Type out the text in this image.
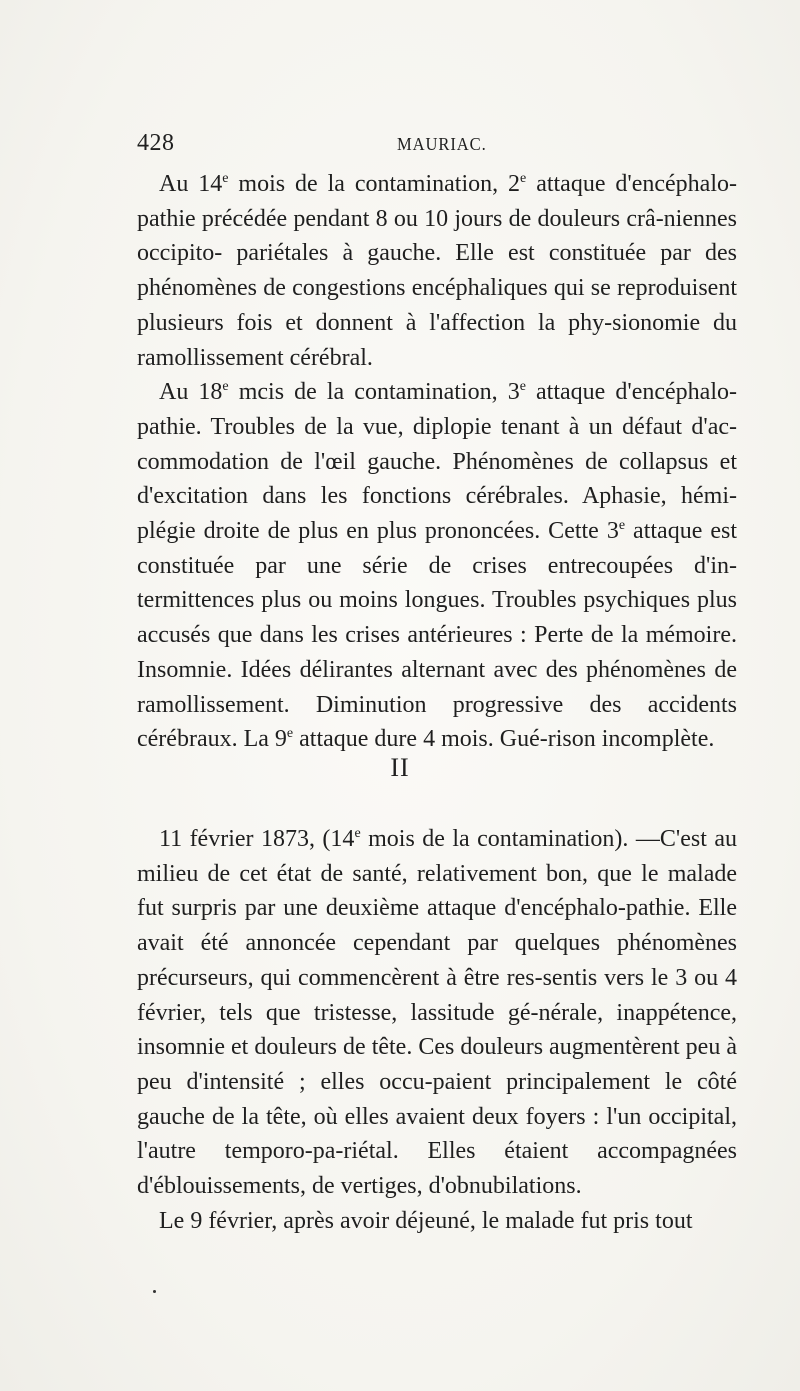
428	MAURIAC.

Au 14e mois de la contamination, 2e attaque d'encéphalo-pathie précédée pendant 8 ou 10 jours de douleurs crâ-niennes occipito- pariétales à gauche. Elle est constituée par des phénomènes de congestions encéphaliques qui se reproduisent plusieurs fois et donnent à l'affection la phy-sionomie du ramollissement cérébral.

Au 18e mcis de la contamination, 3e attaque d'encéphalo-pathie. Troubles de la vue, diplopie tenant à un défaut d'ac-commodation de l'œil gauche. Phénomènes de collapsus et d'excitation dans les fonctions cérébrales. Aphasie, hémi-plégie droite de plus en plus prononcées. Cette 3e attaque est constituée par une série de crises entrecoupées d'in-termittences plus ou moins longues. Troubles psychiques plus accusés que dans les crises antérieures : Perte de la mémoire. Insomnie. Idées délirantes alternant avec des phénomènes de ramollissement. Diminution progressive des accidents cérébraux. La 9e attaque dure 4 mois. Gué-rison incomplète.

II

11 février 1873, (14e mois de la contamination). —C'est au milieu de cet état de santé, relativement bon, que le malade fut surpris par une deuxième attaque d'encéphalo-pathie. Elle avait été annoncée cependant par quelques phénomènes précurseurs, qui commencèrent à être res-sentis vers le 3 ou 4 février, tels que tristesse, lassitude gé-nérale, inappétence, insomnie et douleurs de tête. Ces douleurs augmentèrent peu à peu d'intensité ; elles occu-paient principalement le côté gauche de la tête, où elles avaient deux foyers : l'un occipital, l'autre temporo-pa-riétal. Elles étaient accompagnées d'éblouissements, de vertiges, d'obnubilations.

Le 9 février, après avoir déjeuné, le malade fut pris tout
